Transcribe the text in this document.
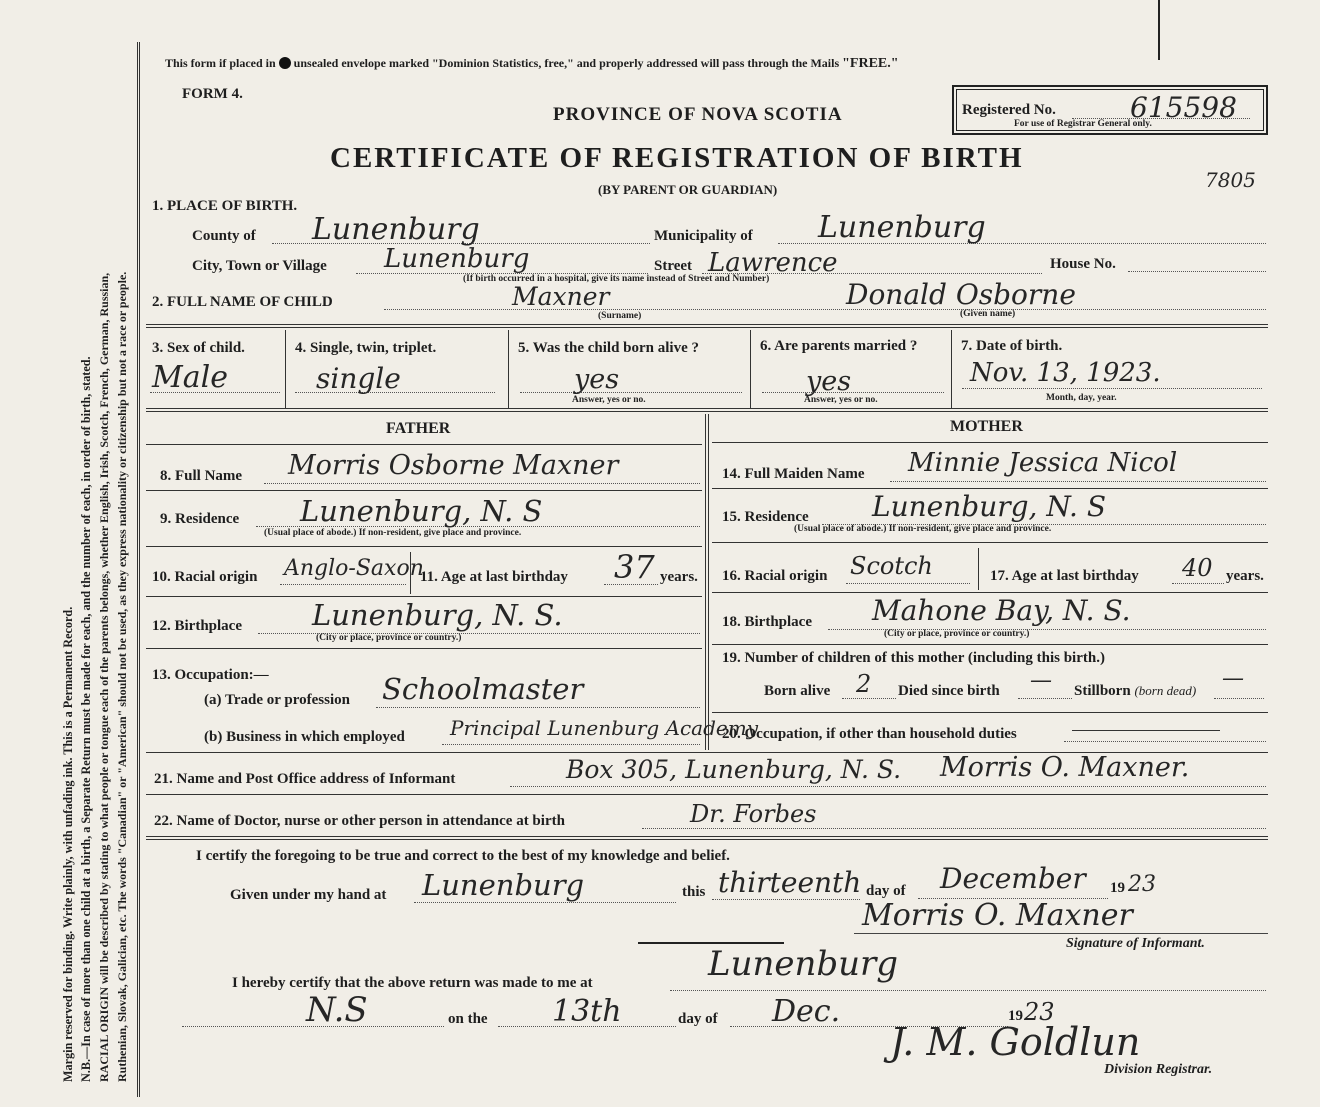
Margin reserved for binding. Write plainly, with unfading ink. This is a Permanent Record. N.B.—In case of more than one child at a birth, a Separate Return must be made for each, and the number of each, in order of birth, stated. RACIAL ORIGIN will be described by stating to what people or tongue each of the parents belongs, whether English, Irish, Scotch, French, German, Russian, Ruthenian, Slovak, Galician, etc. The words "Canadian" or "American" should not be used, as they express nationality or citizenship but not a race or people.
This form if placed in unsealed envelope marked "Dominion Statistics, free," and properly addressed will pass through the Mails "FREE."
FORM 4.
PROVINCE OF NOVA SCOTIA	Registered No.	615598
For use of Registrar General only.
CERTIFICATE OF REGISTRATION OF BIRTH
(BY PARENT OR GUARDIAN)	7805
1. PLACE OF BIRTH.
County of Lunenburg	Municipality of Lunenburg
City, Town or Village Lunenburg	Street Lawrence	House No.
(If birth occurred in a hospital, give its name instead of Street and Number)
2. FULL NAME OF CHILD	Maxner
(Surname)
Donald Osborne
(Given name)
3. Sex of child.
Male
4. Single, twin, triplet.
single
5. Was the child born alive ?
yes
Answer, yes or no.
6. Are parents married ?
yes
Answer, yes or no.
7. Date of birth.
Nov. 13, 1923.
Month, day, year.
FATHER	MOTHER
8. Full Name Morris Osborne Maxner
9. Residence Lunenburg, N. S
(Usual place of abode.) If non-resident, give place and province.
10. Racial origin Anglo-Saxon
11. Age at last birthday 37 years.
12. Birthplace Lunenburg, N. S.
(City or place, province or country.)
13. Occupation:—
(a) Trade or profession Schoolmaster
(b) Business in which employed Principal Lunenburg Academy
14. Full Maiden Name Minnie Jessica Nicol
15. Residence Lunenburg, N. S
(Usual place of abode.) If non-resident, give place and province.
16. Racial origin Scotch	17. Age at last birthday 40 years.
18. Birthplace Mahone Bay, N. S.
(City or place, province or country.)
19. Number of children of this mother (including this birth.)
Born alive 2 Died since birth — Stillborn (born dead) —
20. Occupation, if other than household duties
21. Name and Post Office address of Informant	Box 305, Lunenburg, N. S. Morris O. Maxner.
22. Name of Doctor, nurse or other person in attendance at birth	Dr. Forbes
I certify the foregoing to be true and correct to the best of my knowledge and belief.
Given under my hand at Lunenburg	this thirteenth day of December 19 23
Morris O. Maxner
Signature of Informant.
I hereby certify that the above return was made to me at	Lunenburg
N.S	on the 13th	day of Dec.	19 23
J. M. Goldlun
Division Registrar.
